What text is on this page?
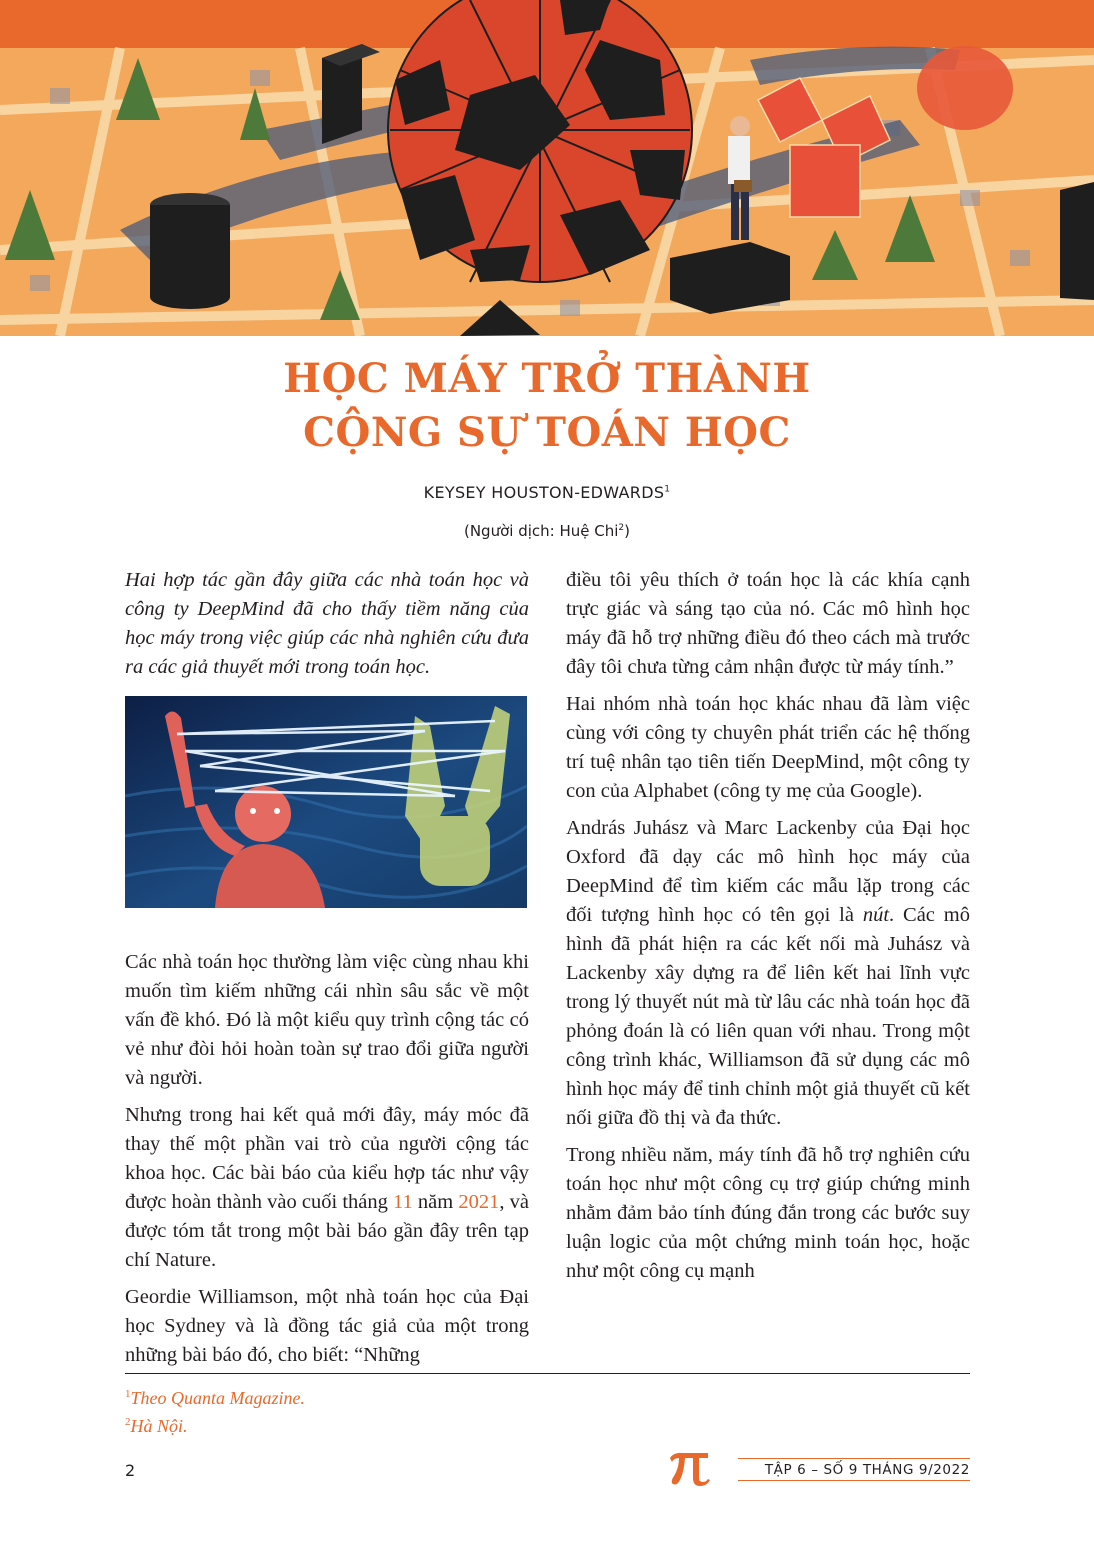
HỌC MÁY TRỞ THÀNH
CỘNG SỰ TOÁN HỌC
KEYSEY HOUSTON-EDWARDS$^1$
(Người dịch: Huệ Chi$^2$)

Hai hợp tác gần đây giữa các nhà toán học và công ty DeepMind đã cho thấy tiềm năng của học máy trong việc giúp các nhà nghiên cứu đưa ra các giả thuyết mới trong toán học.

Các nhà toán học thường làm việc cùng nhau khi muốn tìm kiếm những cái nhìn sâu sắc về một vấn đề khó. Đó là một kiểu quy trình cộng tác có vẻ như đòi hỏi hoàn toàn sự trao đổi giữa người và người.

Nhưng trong hai kết quả mới đây, máy móc đã thay thế một phần vai trò của người cộng tác khoa học. Các bài báo của kiểu hợp tác như vậy được hoàn thành vào cuối tháng 11 năm 2021, và được tóm tắt trong một bài báo gần đây trên tạp chí Nature.

Geordie Williamson, một nhà toán học của Đại học Sydney và là đồng tác giả của một trong những bài báo đó, cho biết: “Những

điều tôi yêu thích ở toán học là các khía cạnh trực giác và sáng tạo của nó. Các mô hình học máy đã hỗ trợ những điều đó theo cách mà trước đây tôi chưa từng cảm nhận được từ máy tính.”

Hai nhóm nhà toán học khác nhau đã làm việc cùng với công ty chuyên phát triển các hệ thống trí tuệ nhân tạo tiên tiến DeepMind, một công ty con của Alphabet (công ty mẹ của Google).

András Juhász và Marc Lackenby của Đại học Oxford đã dạy các mô hình học máy của DeepMind để tìm kiếm các mẫu lặp trong các đối tượng hình học có tên gọi là nút. Các mô hình đã phát hiện ra các kết nối mà Juhász và Lackenby xây dựng ra để liên kết hai lĩnh vực trong lý thuyết nút mà từ lâu các nhà toán học đã phỏng đoán là có liên quan với nhau. Trong một công trình khác, Williamson đã sử dụng các mô hình học máy để tinh chỉnh một giả thuyết cũ kết nối giữa đồ thị và đa thức.

Trong nhiều năm, máy tính đã hỗ trợ nghiên cứu toán học như một công cụ trợ giúp chứng minh nhằm đảm bảo tính đúng đắn trong các bước suy luận logic của một chứng minh toán học, hoặc như một công cụ mạnh

$^1$Theo Quanta Magazine.
$^2$Hà Nội.
2	TẬP 6 – SỐ 9 THÁNG 9/2022
